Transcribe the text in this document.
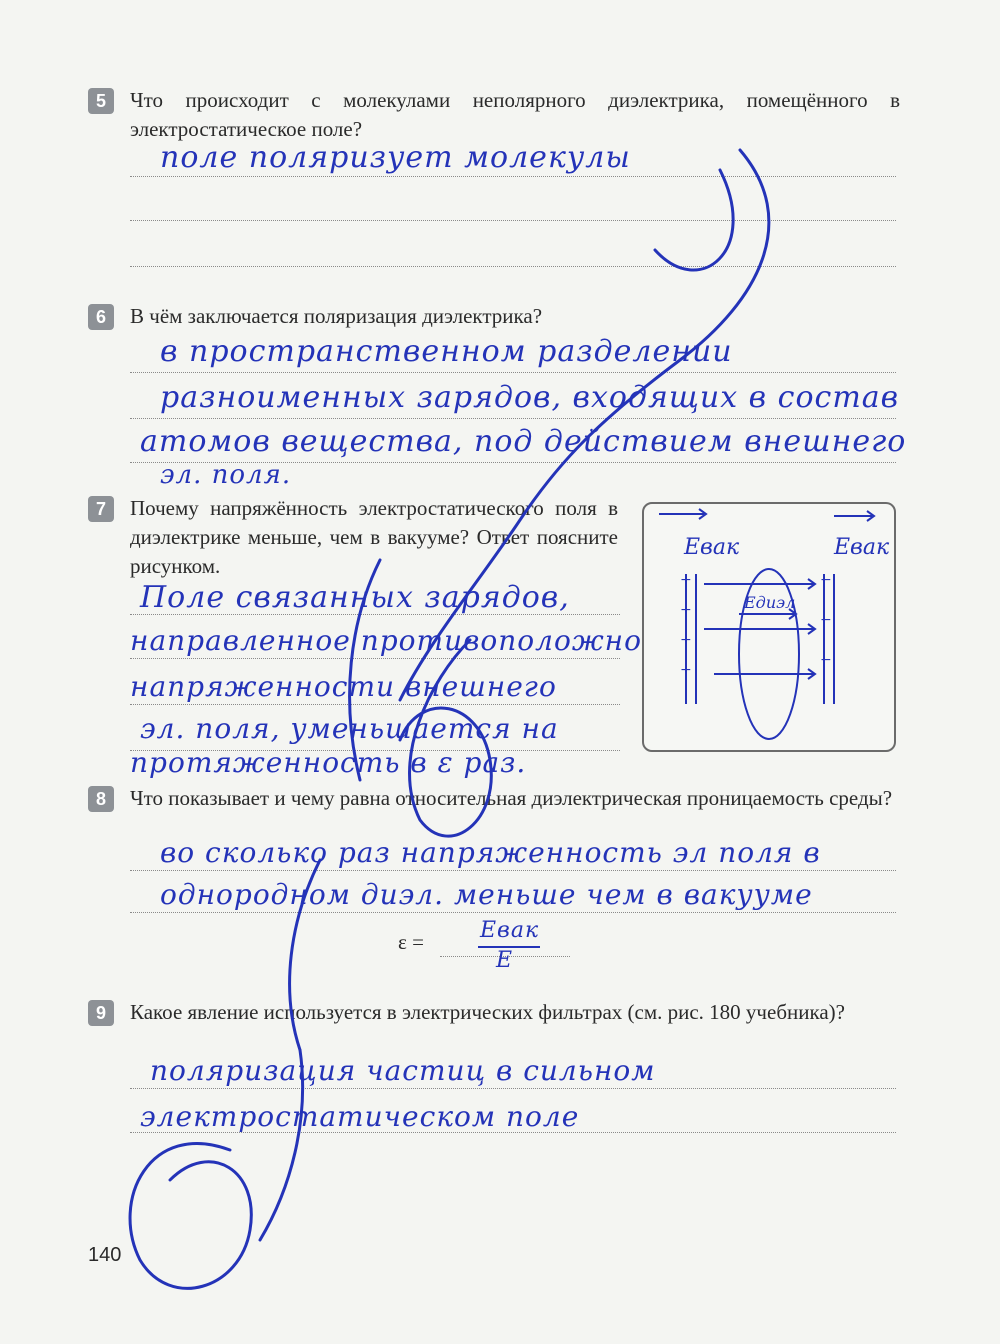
5	Что происходит с молекулами неполярного диэлектрика, помещённого в электростатическое поле?
поле поляризует молекулы
6	В чём заключается поляризация диэлектрика?
в пространственном разделении
разноименных зарядов, входящих в состав
атомов вещества, под действием внешнего
эл. поля.
7	Почему напряжённость электростатического поля в диэлектрике меньше, чем в вакууме? Ответ поясните рисунком.
Поле связанных зарядов,
направленное противоположно
напряженности внешнего
эл. поля, уменьшается на
протяженность в ε раз.
Eвак	Eвак
Eдиэл
+
+
+
+
−
−
−
8	Что показывает и чему равна относительная диэлектрическая проницаемость среды?
во сколько раз напряженность эл поля в
однородном диэл. меньше чем в вакууме
ε =	Eвак
E
9	Какое явление используется в электрических фильтрах (см. рис. 180 учебника)?
поляризация частиц в сильном
электростатическом поле
140
